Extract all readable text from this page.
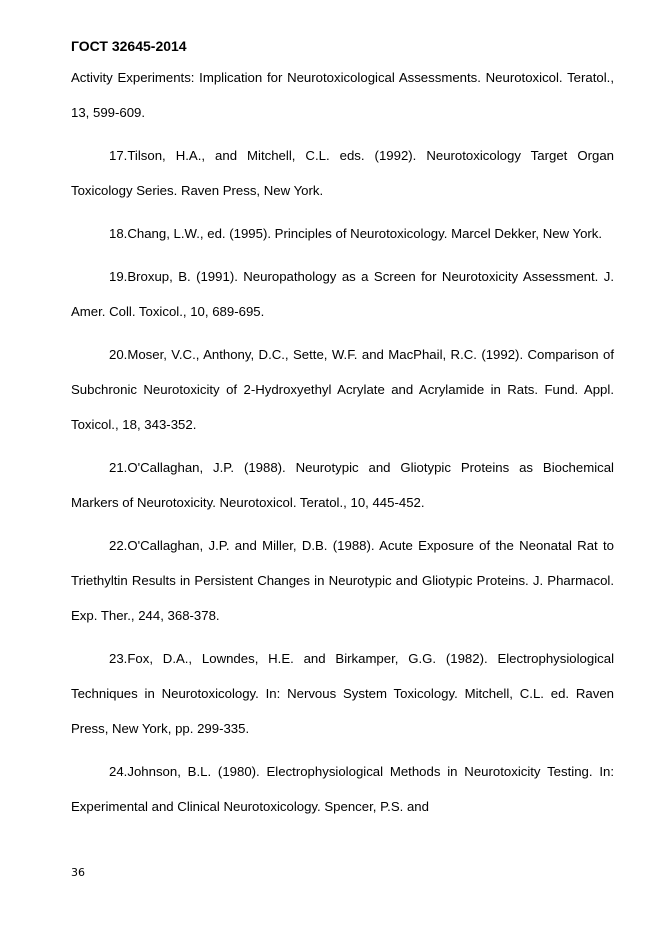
ГОСТ 32645-2014

Activity Experiments: Implication for Neurotoxicological Assessments. Neurotoxicol. Teratol., 13, 599-609.

17.Tilson, H.A., and Mitchell, C.L. eds. (1992). Neurotoxicology Target Organ Toxicology Series. Raven Press, New York.

18.Chang, L.W., ed. (1995). Principles of Neurotoxicology. Marcel Dekker, New York.

19.Broxup, B. (1991). Neuropathology as a Screen for Neurotoxicity Assessment. J. Amer. Coll. Toxicol., 10, 689-695.

20.Moser, V.C., Anthony, D.C., Sette, W.F. and MacPhail, R.C. (1992). Comparison of Subchronic Neurotoxicity of 2-Hydroxyethyl Acrylate and Acrylamide in Rats. Fund. Appl. Toxicol., 18, 343-352.

21.O'Callaghan, J.P. (1988). Neurotypic and Gliotypic Proteins as Biochemical Markers of Neurotoxicity. Neurotoxicol. Teratol., 10, 445-452.

22.O'Callaghan, J.P. and Miller, D.B. (1988). Acute Exposure of the Neonatal Rat to Triethyltin Results in Persistent Changes in Neurotypic and Gliotypic Proteins. J. Pharmacol. Exp. Ther., 244, 368-378.

23.Fox, D.A., Lowndes, H.E. and Birkamper, G.G. (1982). Electrophysiological Techniques in Neurotoxicology. In: Nervous System Toxicology. Mitchell, C.L. ed. Raven Press, New York, pp. 299-335.

24.Johnson, B.L. (1980). Electrophysiological Methods in Neurotoxicity Testing. In: Experimental and Clinical Neurotoxicology. Spencer, P.S. and

36
